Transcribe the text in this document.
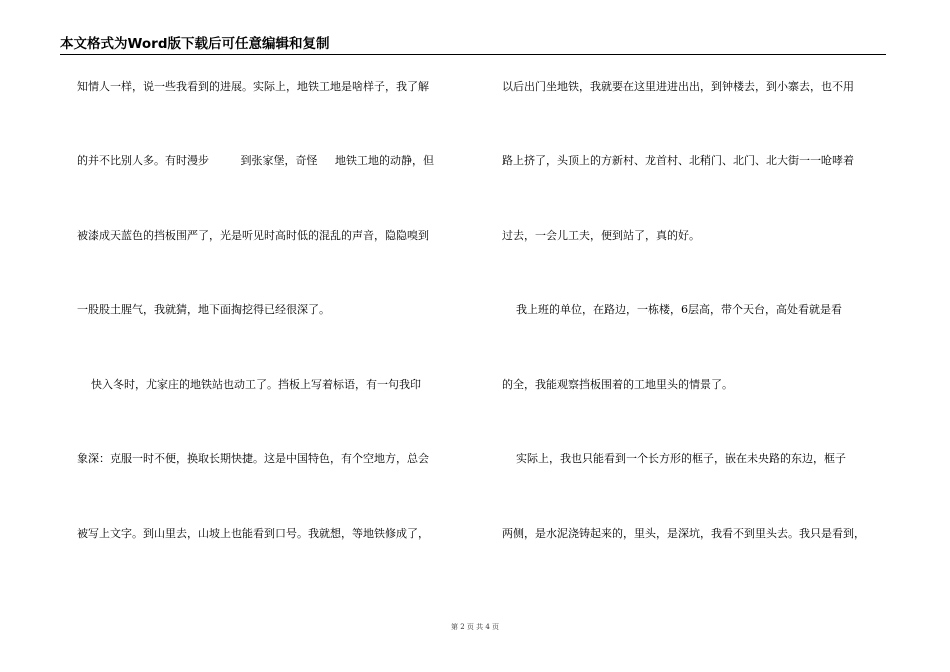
本文格式为Word版下载后可任意编辑和复制
知情人一样，说一些我看到的进展。实际上，地铁工地是啥样子，我了解
的并不比别人多。有时漫步         到张家堡，奇怪     地铁工地的动静，但
被漆成天蓝色的挡板围严了，光是听见时高时低的混乱的声音，隐隐嗅到
一股股土腥气，我就猜，地下面掏挖得已经很深了。
快入冬时，尤家庄的地铁站也动工了。挡板上写着标语，有一句我印
象深：克服一时不便，换取长期快捷。这是中国特色，有个空地方，总会
被写上文字。到山里去，山坡上也能看到口号。我就想，等地铁修成了，
以后出门坐地铁，我就要在这里进进出出，到钟楼去，到小寨去，也不用
路上挤了，头顶上的方新村、龙首村、北稍门、北门、北大街一一呛哮着
过去，一会儿工夫，便到站了，真的好。
我上班的单位，在路边，一栋楼，6层高，带个天台，高处看就是看
的全，我能观察挡板围着的工地里头的情景了。
实际上，我也只能看到一个长方形的框子，嵌在未央路的东边，框子
两侧，是水泥浇铸起来的，里头，是深坑，我看不到里头去。我只是看到，
第 2 页 共 4 页
